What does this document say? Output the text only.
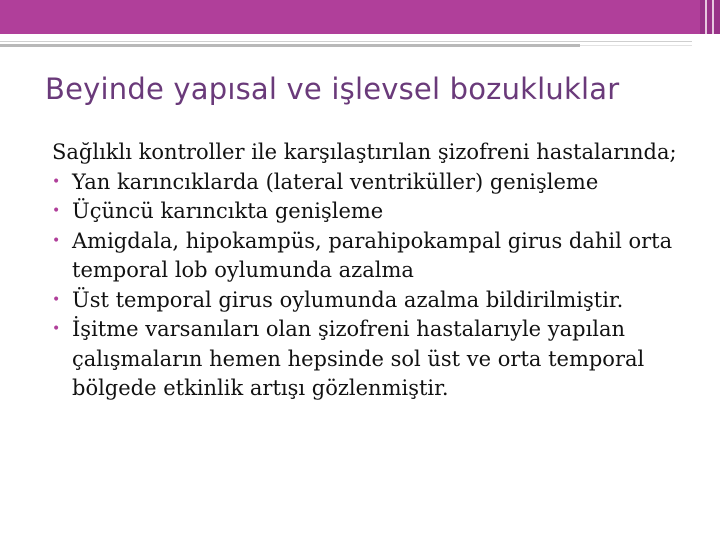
Beyinde yapısal ve işlevsel bozukluklar

Sağlıklı kontroller ile karşılaştırılan şizofreni hastalarında;

• Yan karıncıklarda (lateral ventriküller) genişleme
• Üçüncü karıncıkta genişleme
• Amigdala, hipokampüs, parahipokampal girus dahil orta temporal lob oylumunda azalma
• Üst temporal girus oylumunda azalma bildirilmiştir.
• İşitme varsanıları olan şizofreni hastalarıyle yapılan çalışmaların hemen hepsinde sol üst ve orta temporal bölgede etkinlik artışı gözlenmiştir.
